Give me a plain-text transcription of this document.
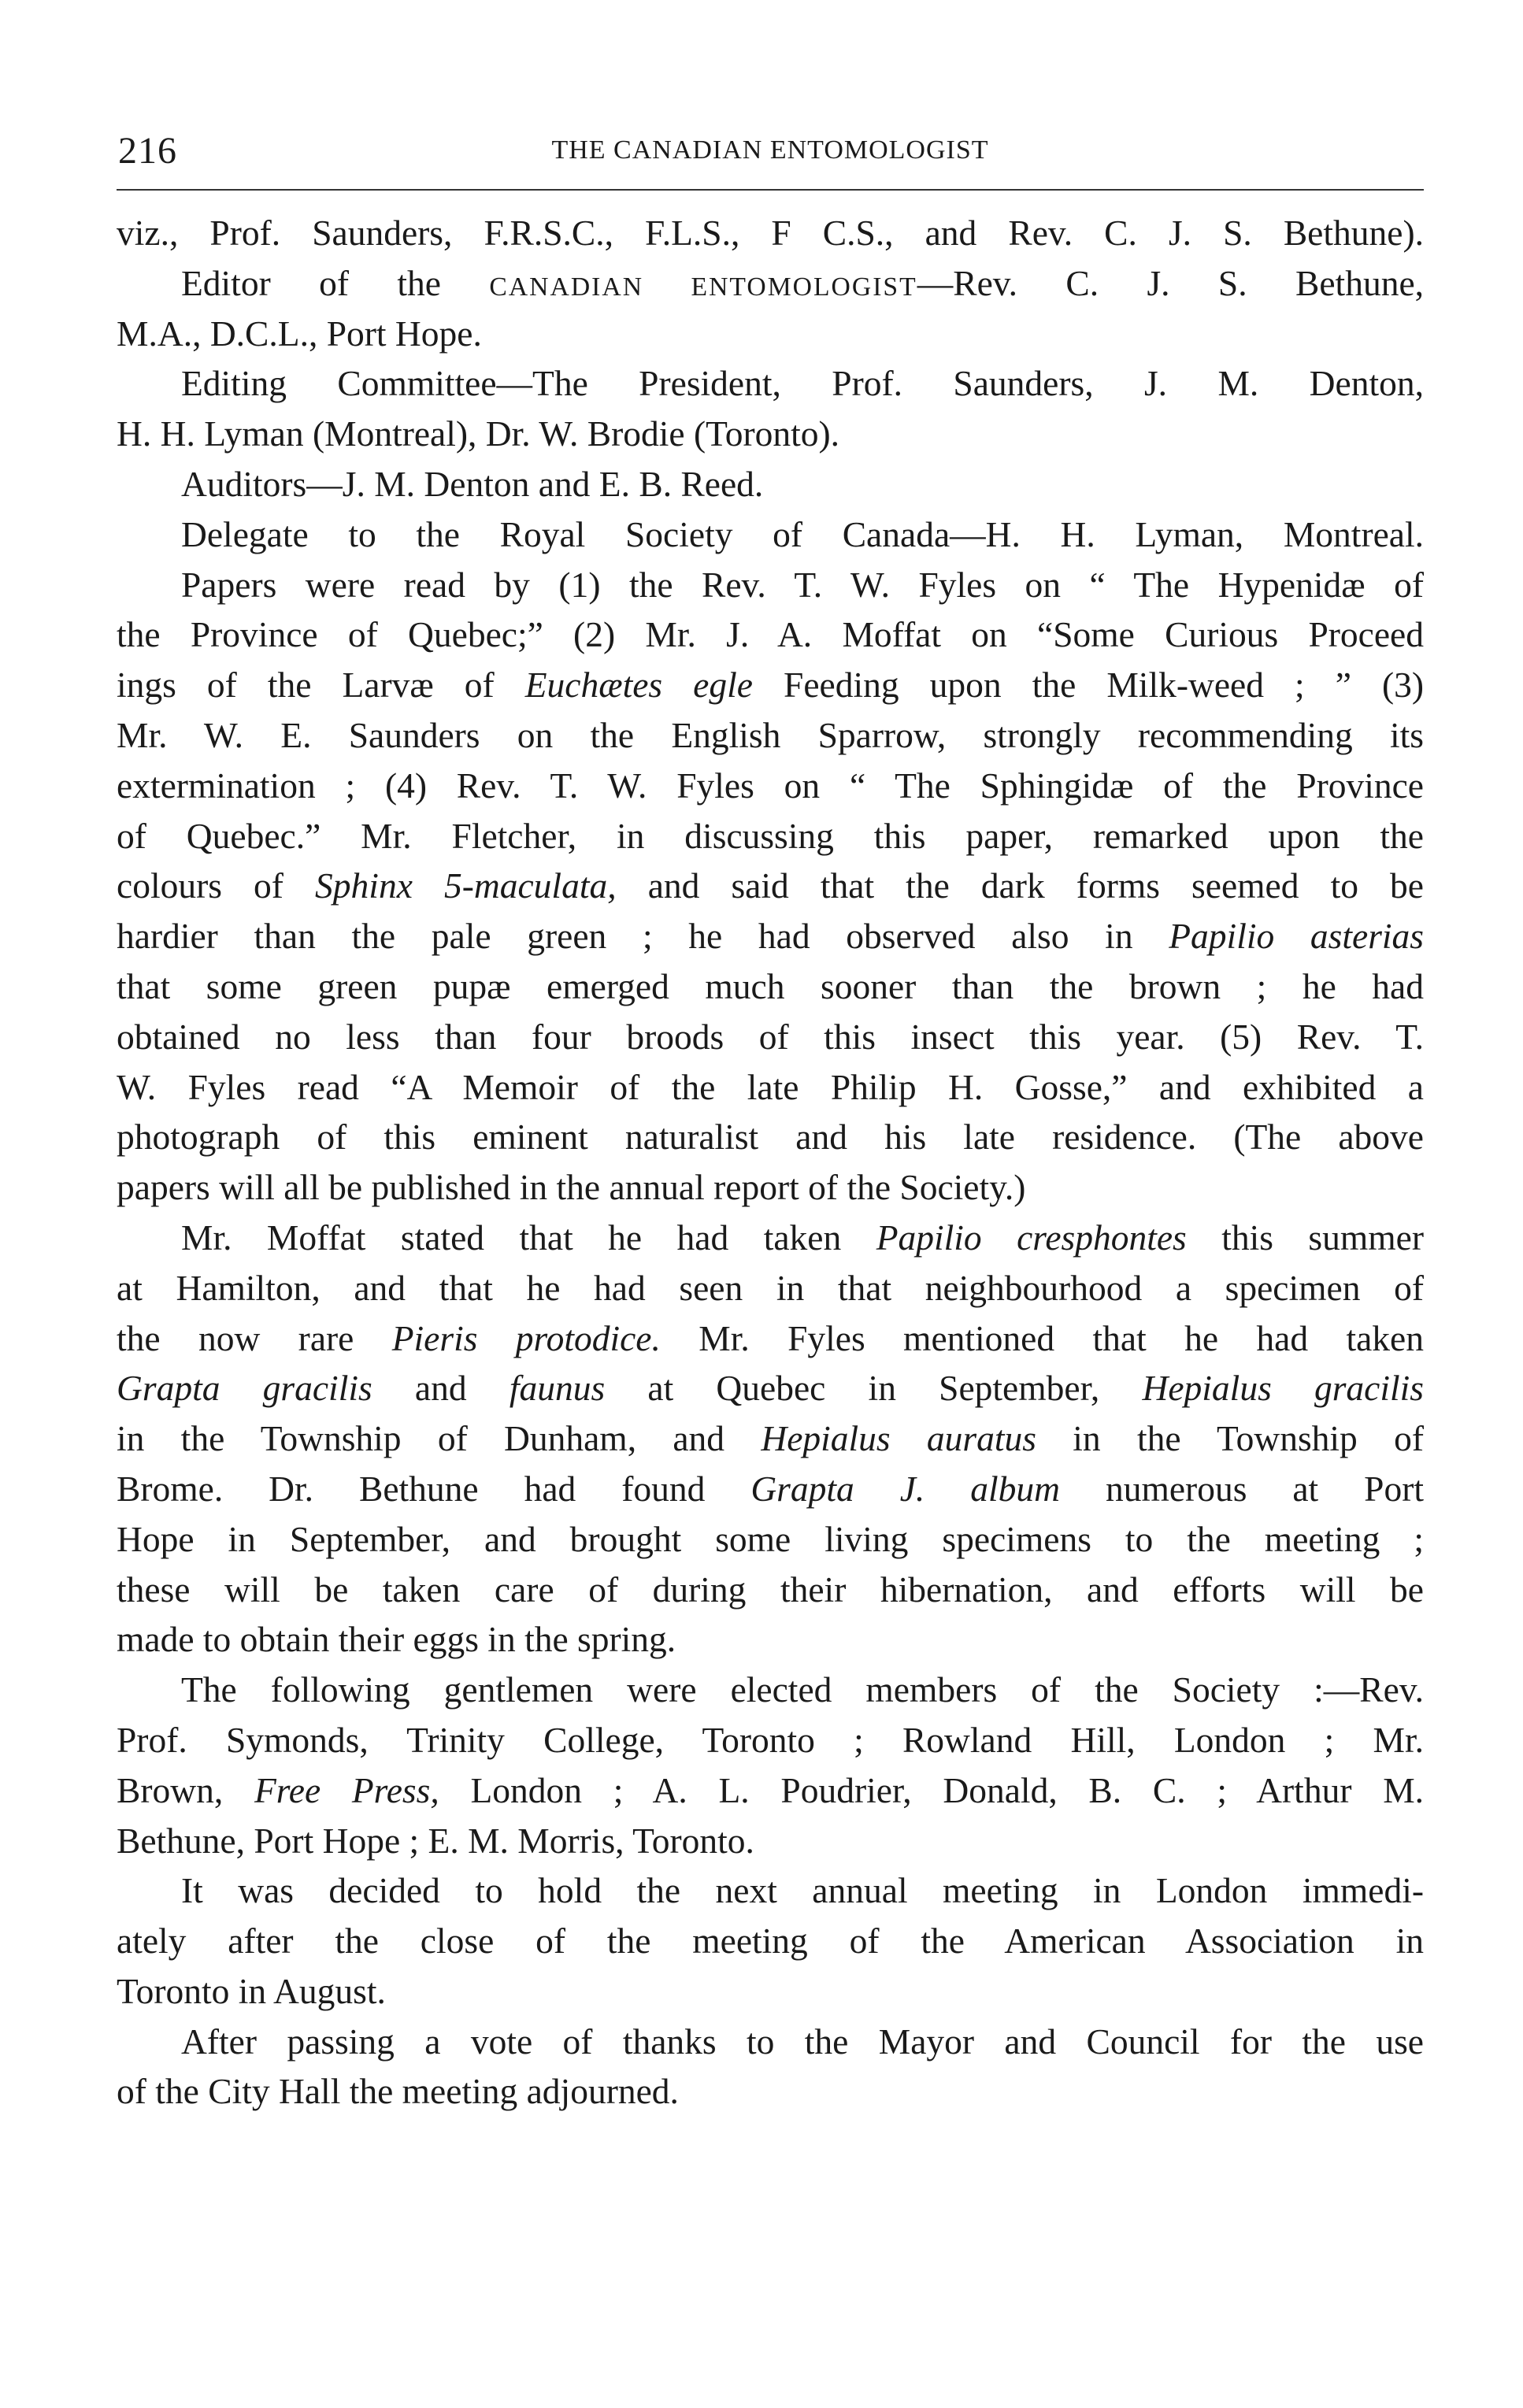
216	THE CANADIAN ENTOMOLOGIST
viz., Prof. Saunders, F.R.S.C., F.L.S., F C.S., and Rev. C. J. S. Bethune).
Editor of the CANADIAN ENTOMOLOGIST—Rev. C. J. S. Bethune,
M.A., D.C.L., Port Hope.
Editing Committee—The President, Prof. Saunders, J. M. Denton,
H. H. Lyman (Montreal), Dr. W. Brodie (Toronto).
Auditors—J. M. Denton and E. B. Reed.
Delegate to the Royal Society of Canada—H. H. Lyman, Montreal.
Papers were read by (1) the Rev. T. W. Fyles on “ The Hypenidæ of
the Province of Quebec;” (2) Mr. J. A. Moffat on “Some Curious Proceed
ings of the Larvæ of Euchætes egle Feeding upon the Milk-weed ; ” (3)
Mr. W. E. Saunders on the English Sparrow, strongly recommending its
extermination ; (4) Rev. T. W. Fyles on “ The Sphingidæ of the Province
of Quebec.” Mr. Fletcher, in discussing this paper, remarked upon the
colours of Sphinx 5-maculata, and said that the dark forms seemed to be
hardier than the pale green ; he had observed also in Papilio asterias
that some green pupæ emerged much sooner than the brown ; he had
obtained no less than four broods of this insect this year. (5) Rev. T.
W. Fyles read “A Memoir of the late Philip H. Gosse,” and exhibited a
photograph of this eminent naturalist and his late residence. (The above
papers will all be published in the annual report of the Society.)
Mr. Moffat stated that he had taken Papilio cresphontes this summer
at Hamilton, and that he had seen in that neighbourhood a specimen of
the now rare Pieris protodice. Mr. Fyles mentioned that he had taken
Grapta gracilis and faunus at Quebec in September, Hepialus gracilis
in the Township of Dunham, and Hepialus auratus in the Township of
Brome. Dr. Bethune had found Grapta J. album numerous at Port
Hope in September, and brought some living specimens to the meeting ;
these will be taken care of during their hibernation, and efforts will be
made to obtain their eggs in the spring.
The following gentlemen were elected members of the Society :—Rev.
Prof. Symonds, Trinity College, Toronto ; Rowland Hill, London ; Mr.
Brown, Free Press, London ; A. L. Poudrier, Donald, B. C. ; Arthur M.
Bethune, Port Hope ; E. M. Morris, Toronto.
It was decided to hold the next annual meeting in London immedi-
ately after the close of the meeting of the American Association in
Toronto in August.
After passing a vote of thanks to the Mayor and Council for the use
of the City Hall the meeting adjourned.
